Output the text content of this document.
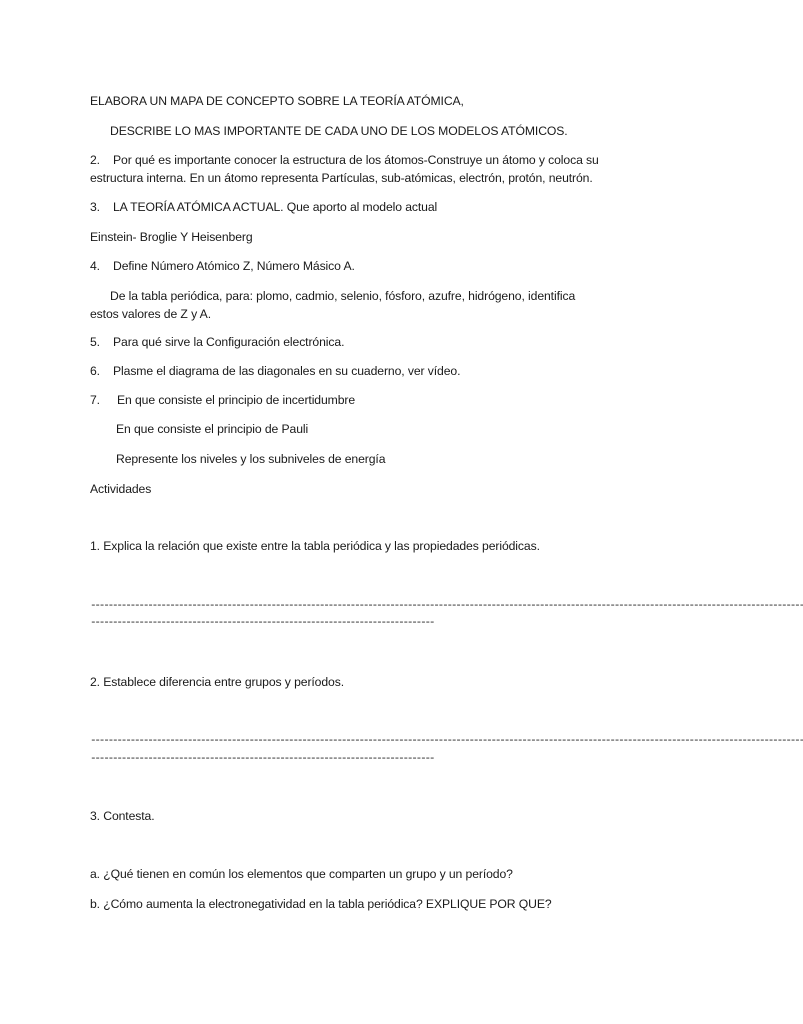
ELABORA UN MAPA DE CONCEPTO SOBRE LA TEORÍA ATÓMICA,
DESCRIBE LO MAS IMPORTANTE DE CADA UNO DE LOS MODELOS ATÓMICOS.
2. Por qué es importante conocer la estructura de los átomos-Construye un átomo y coloca su
estructura interna. En un átomo representa Partículas, sub-atómicas, electrón, protón, neutrón.
3. LA TEORÍA ATÓMICA ACTUAL. Que aporto al modelo actual
Einstein- Broglie Y Heisenberg
4. Define Número Atómico Z, Número Másico A.
De la tabla periódica, para: plomo, cadmio, selenio, fósforo, azufre, hidrógeno, identifica
estos valores de Z y A.
5. Para qué sirve la Configuración electrónica.
6. Plasme el diagrama de las diagonales en su cuaderno, ver vídeo.
7. En que consiste el principio de incertidumbre
En que consiste el principio de Pauli
Represente los niveles y los subniveles de energía
Actividades
1. Explica la relación que existe entre la tabla periódica y las propiedades periódicas.
------------------------------------------------------------------------------------------------------------------------------------------------------------------
------------------------------------------------------------------------------
2. Establece diferencia entre grupos y períodos.
------------------------------------------------------------------------------------------------------------------------------------------------------------------
------------------------------------------------------------------------------
3. Contesta.
a. ¿Qué tienen en común los elementos que comparten un grupo y un período?
b. ¿Cómo aumenta la electronegatividad en la tabla periódica? EXPLIQUE POR QUE?
